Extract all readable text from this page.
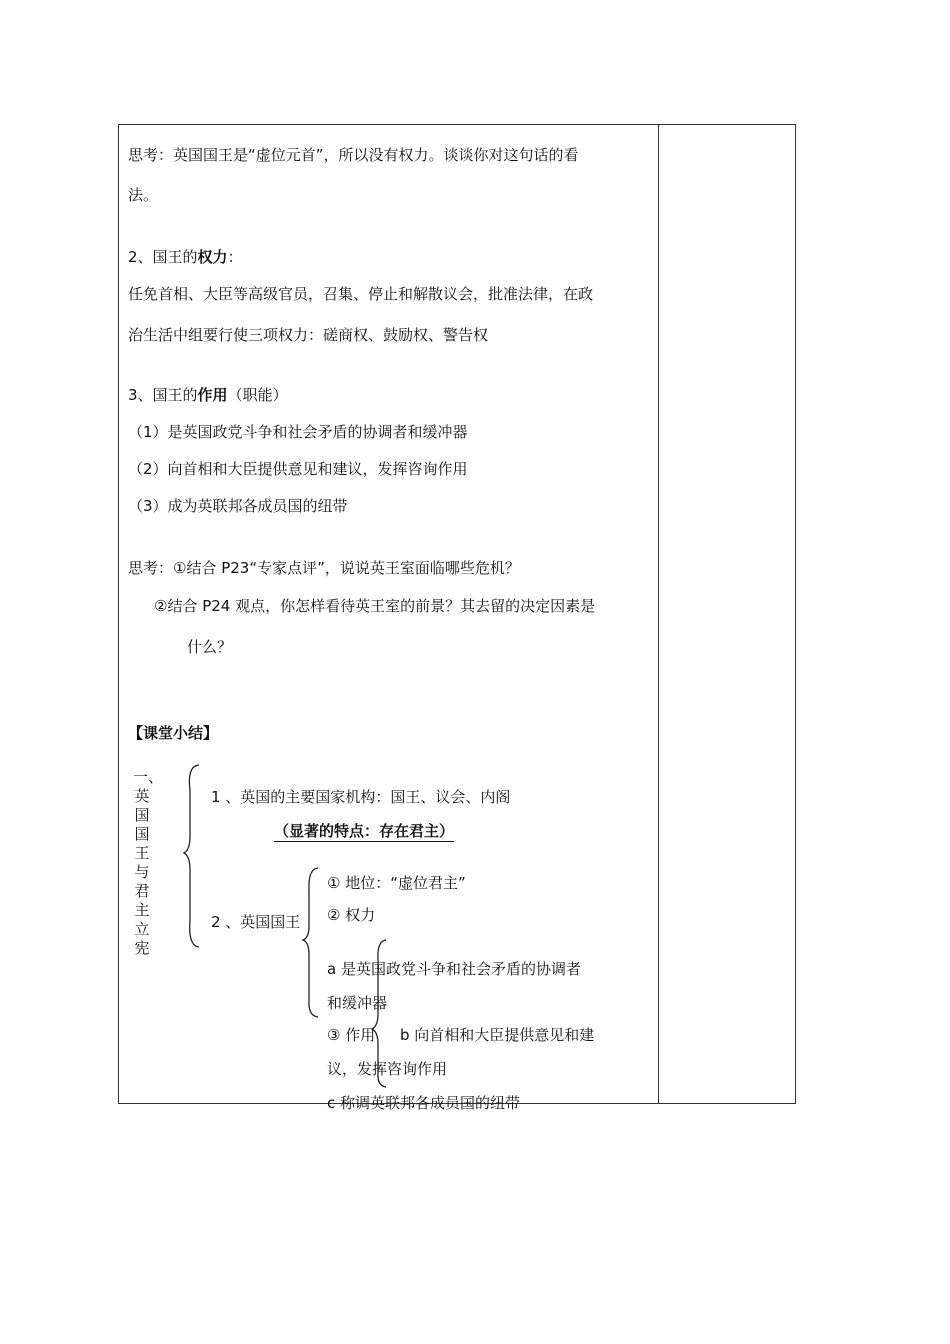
思考：英国国王是“虚位元首”，所以没有权力。谈谈你对这句话的看
法。
2、国王的权力：
任免首相、大臣等高级官员，召集、停止和解散议会，批准法律，在政
治生活中组要行使三项权力：磋商权、鼓励权、警告权
3、国王的作用（职能）
（1）是英国政党斗争和社会矛盾的协调者和缓冲器
（2）向首相和大臣提供意见和建议，发挥咨询作用
（3）成为英联邦各成员国的纽带
思考：①结合 P23“专家点评”，说说英王室面临哪些危机？
②结合 P24 观点，你怎样看待英王室的前景？其去留的决定因素是
什么？
【课堂小结】
一、英国国王与君主立宪
1 、英国的主要国家机构：国王、议会、内阁
（显著的特点：存在君主）
2 、英国国王
① 地位：“虚位君主”
② 权力
a 是英国政党斗争和社会矛盾的协调者
和缓冲器
③ 作用 b 向首相和大臣提供意见和建
议，发挥咨询作用
c 称调英联邦各成员国的纽带
